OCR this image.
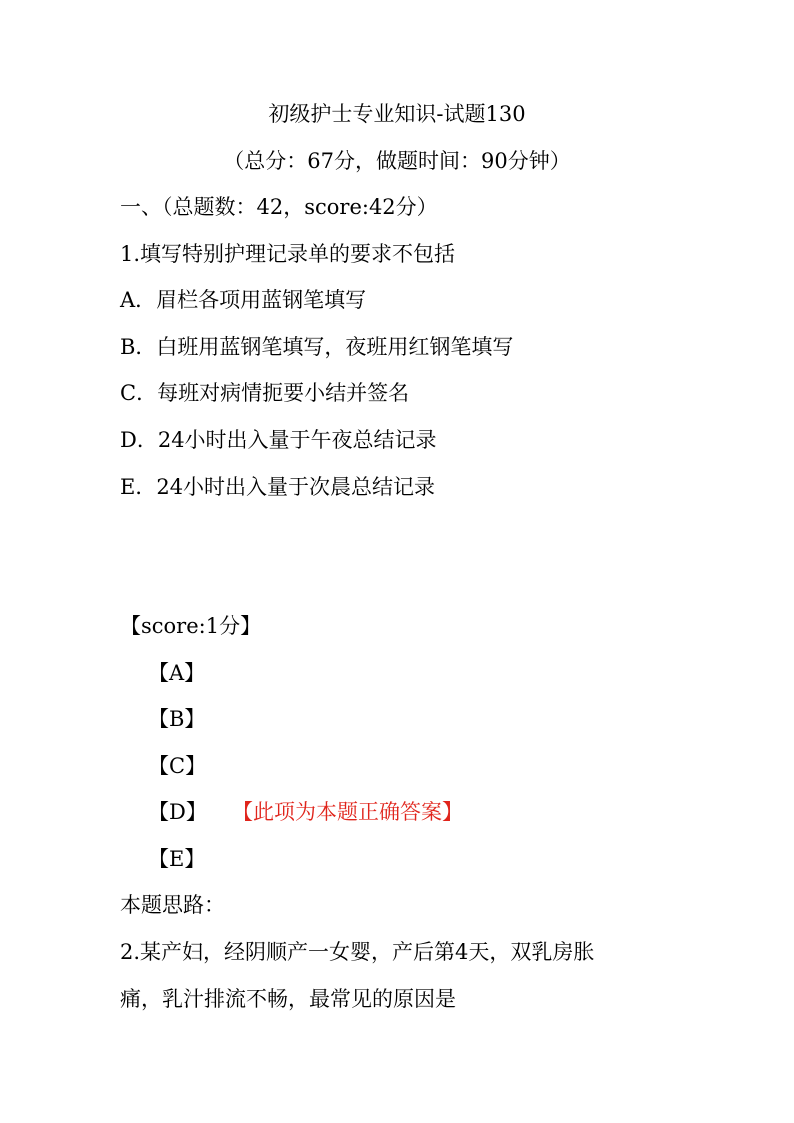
初级护士专业知识-试题130
（总分：67分，做题时间：90分钟）
一、（总题数：42，score:42分）
1.填写特别护理记录单的要求不包括
A．眉栏各项用蓝钢笔填写
B．白班用蓝钢笔填写，夜班用红钢笔填写
C．每班对病情扼要小结并签名
D．24小时出入量于午夜总结记录
E．24小时出入量于次晨总结记录
【score:1分】
【A】
【B】
【C】
【D】 【此项为本题正确答案】
【E】
本题思路：
2.某产妇，经阴顺产一女婴，产后第4天，双乳房胀
痛，乳汁排流不畅，最常见的原因是
